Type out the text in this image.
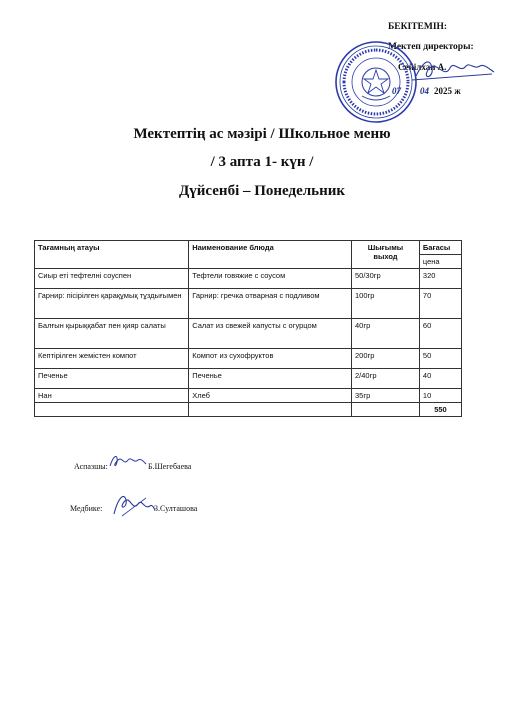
БЕКІТЕМІН:
Мектеп директоры:
Сейілхан А.
07 04 2025 ж
Мектептің ас мәзірі / Школьное меню
/ 3 апта 1- күн /
Дүйсенбі – Понедельник
Тағамның атауы	Наименование блюда	Шығымы выход	Бағасы
			цена
Сиыр еті тефтелні соуспен	Тефтели говяжие с соусом	50/30гр	320
Гарнир: пісірілген қарақұмық тұздығымен	Гарнир: гречка отварная с подливом	100гр	70
Балғын қырыққабат пен қияр салаты	Салат из свежей капусты с огурцом	40гр	60
Кептірілген жемістен компот	Компот из сухофруктов	200гр	50
Печенье	Печенье	2/40гр	40
Нан	Хлеб	35гр	10
			550
Аспазшы:	Б.Шегебаева
Медбике:	З.Султашова
